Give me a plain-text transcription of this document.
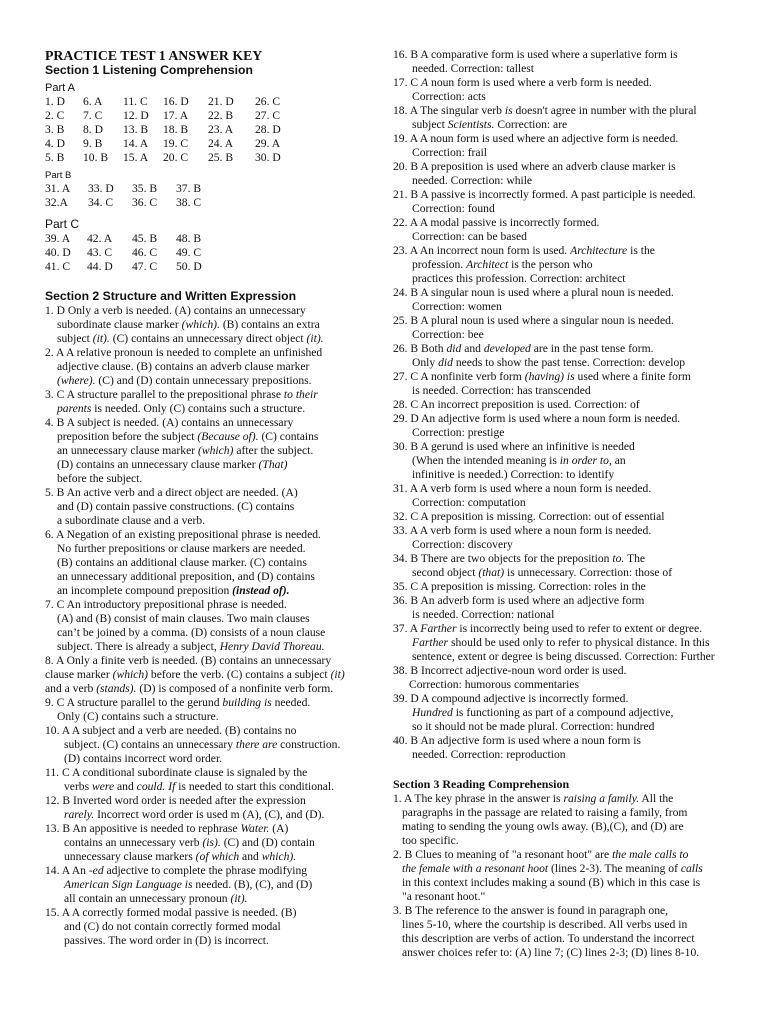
PRACTICE TEST 1 ANSWER KEY
Section 1 Listening Comprehension
Part A
1. D	6. A	11. C	16. D	21. D	26. C
2. C	7. C	12. D	17. A	22. B	27. C
3. B	8. D	13. B	18. B	23. A	28. D
4. D	9. B	14. A	19. C	24. A	29. A
5. B	10. B	15. A	20. C	25. B	30. D
Part B
31. A	33. D	35. B	37. B
32.A	34. C	36. C	38. C
Part C
39. A	42. A	45. B	48. B
40. D	43. C	46. C	49. C
41. C	44. D	47. C	50. D
Section 2 Structure and Written Expression
1. D Only a verb is needed. (A) contains an unnecessary
subordinate clause marker (which). (B) contains an extra
subject (it). (C) contains an unnecessary direct object (it).
2. A A relative pronoun is needed to complete an unfinished
adjective clause. (B) contains an adverb clause marker
(where). (C) and (D) contain unnecessary prepositions.
3. C A structure parallel to the prepositional phrase to their
parents is needed. Only (C) contains such a structure.
4. B A subject is needed. (A) contains an unnecessary
preposition before the subject (Because of). (C) contains
an unnecessary clause marker (which) after the subject.
(D) contains an unnecessary clause marker (That)
before the subject.
5. B An active verb and a direct object are needed. (A)
and (D) contain passive constructions. (C) contains
a subordinate clause and a verb.
6. A Negation of an existing prepositional phrase is needed.
No further prepositions or clause markers are needed.
(B) contains an additional clause marker. (C) contains
an unnecessary additional preposition, and (D) contains
an incomplete compound preposition (instead of).
7. C An introductory prepositional phrase is needed.
(A) and (B) consist of main clauses. Two main clauses
can’t be joined by a comma. (D) consists of a noun clause
subject. There is already a subject, Henry David Thoreau.
8. A Only a finite verb is needed. (B) contains an unnecessary
clause marker (which) before the verb. (C) contains a subject (it)
and a verb (stands). (D) is composed of a nonfinite verb form.
9. C A structure parallel to the gerund building is needed.
Only (C) contains such a structure.
10. A A subject and a verb are needed. (B) contains no
subject. (C) contains an unnecessary there are construction.
(D) contains incorrect word order.
11. C A conditional subordinate clause is signaled by the
verbs were and could. If is needed to start this conditional.
12. B Inverted word order is needed after the expression
rarely. Incorrect word order is used m (A), (C), and (D).
13. B An appositive is needed to rephrase Water. (A)
contains an unnecessary verb (is). (C) and (D) contain
unnecessary clause markers (of which and which).
14. A An -ed adjective to complete the phrase modifying
American Sign Language is needed. (B), (C), and (D)
all contain an unnecessary pronoun (it).
15. A A correctly formed modal passive is needed. (B)
and (C) do not contain correctly formed modal
passives. The word order in (D) is incorrect.
16. B A comparative form is used where a superlative form is
needed. Correction: tallest
17. C A noun form is used where a verb form is needed.
Correction: acts
18. A The singular verb is doesn't agree in number with the plural
subject Scientists. Correction: are
19. A A noun form is used where an adjective form is needed.
Correction: frail
20. B A preposition is used where an adverb clause marker is
needed. Correction: while
21. B A passive is incorrectly formed. A past participle is needed.
Correction: found
22. A A modal passive is incorrectly formed.
Correction: can be based
23. A An incorrect noun form is used. Architecture is the
profession. Architect is the person who
practices this profession. Correction: architect
24. B A singular noun is used where a plural noun is needed.
Correction: women
25. B A plural noun is used where a singular noun is needed.
Correction: bee
26. B Both did and developed are in the past tense form.
Only did needs to show the past tense. Correction: develop
27. C A nonfinite verb form (having) is used where a finite form
is needed. Correction: has transcended
28. C An incorrect preposition is used. Correction: of
29. D An adjective form is used where a noun form is needed.
Correction: prestige
30. B A gerund is used where an infinitive is needed
(When the intended meaning is in order to, an
infinitive is needed.) Correction: to identify
31. A A verb form is used where a noun form is needed.
Correction: computation
32. C A preposition is missing. Correction: out of essential
33. A A verb form is used where a noun form is needed.
Correction: discovery
34. B There are two objects for the preposition to. The
second object (that) is unnecessary. Correction: those of
35. C A preposition is missing. Correction: roles in the
36. B An adverb form is used where an adjective form
is needed. Correction: national
37. A Farther is incorrectly being used to refer to extent or degree.
Farther should be used only to refer to physical distance. In this
sentence, extent or degree is being discussed. Correction: Further
38. B Incorrect adjective-noun word order is used.
Correction: humorous commentaries
39. D A compound adjective is incorrectly formed.
Hundred is functioning as part of a compound adjective,
so it should not be made plural. Correction: hundred
40. B An adjective form is used where a noun form is
needed. Correction: reproduction
Section 3 Reading Comprehension
1. A The key phrase in the answer is raising a family. All the
paragraphs in the passage are related to raising a family, from
mating to sending the young owls away. (B),(C), and (D) are
too specific.
2. B Clues to meaning of "a resonant hoot" are the male calls to
the female with a resonant hoot (lines 2-3). The meaning of calls
in this context includes making a sound (B) which in this case is
"a resonant hoot."
3. B The reference to the answer is found in paragraph one,
lines 5-10, where the courtship is described. All verbs used in
this description are verbs of action. To understand the incorrect
answer choices refer to: (A) line 7; (C) lines 2-3; (D) lines 8-10.
